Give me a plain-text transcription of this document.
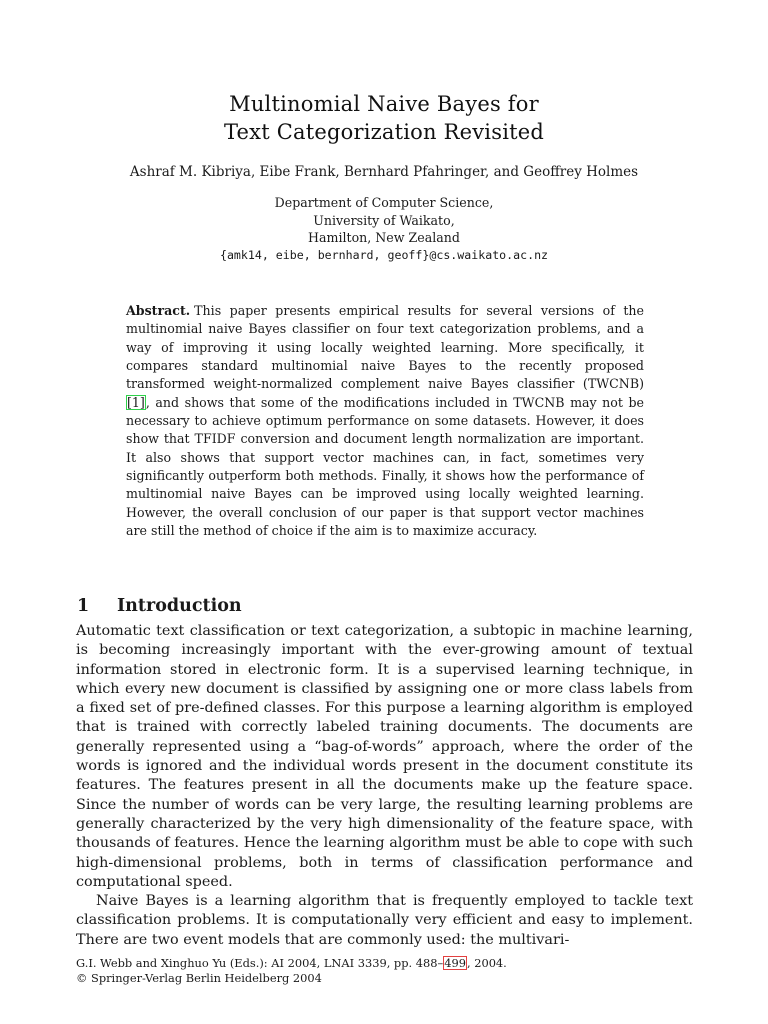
Multinomial Naive Bayes for
Text Categorization Revisited
Ashraf M. Kibriya, Eibe Frank, Bernhard Pfahringer, and Geoffrey Holmes
Department of Computer Science,
University of Waikato,
Hamilton, New Zealand
{amk14, eibe, bernhard, geoff}@cs.waikato.ac.nz
Abstract. This paper presents empirical results for several versions of the multinomial naive Bayes classifier on four text categorization problems, and a way of improving it using locally weighted learning. More specifically, it compares standard multinomial naive Bayes to the recently proposed transformed weight-normalized complement naive Bayes classifier (TWCNB) [1], and shows that some of the modifications included in TWCNB may not be necessary to achieve optimum performance on some datasets. However, it does show that TFIDF conversion and document length normalization are important. It also shows that support vector machines can, in fact, sometimes very significantly outperform both methods. Finally, it shows how the performance of multinomial naive Bayes can be improved using locally weighted learning. However, the overall conclusion of our paper is that support vector machines are still the method of choice if the aim is to maximize accuracy.
1 Introduction

Automatic text classification or text categorization, a subtopic in machine learning, is becoming increasingly important with the ever-growing amount of textual information stored in electronic form. It is a supervised learning technique, in which every new document is classified by assigning one or more class labels from a fixed set of pre-defined classes. For this purpose a learning algorithm is employed that is trained with correctly labeled training documents. The documents are generally represented using a “bag-of-words” approach, where the order of the words is ignored and the individual words present in the document constitute its features. The features present in all the documents make up the feature space. Since the number of words can be very large, the resulting learning problems are generally characterized by the very high dimensionality of the feature space, with thousands of features. Hence the learning algorithm must be able to cope with such high-dimensional problems, both in terms of classification performance and computational speed.

Naive Bayes is a learning algorithm that is frequently employed to tackle text classification problems. It is computationally very efficient and easy to implement. There are two event models that are commonly used: the multivari-

G.I. Webb and Xinghuo Yu (Eds.): AI 2004, LNAI 3339, pp. 488–499, 2004.
© Springer-Verlag Berlin Heidelberg 2004
